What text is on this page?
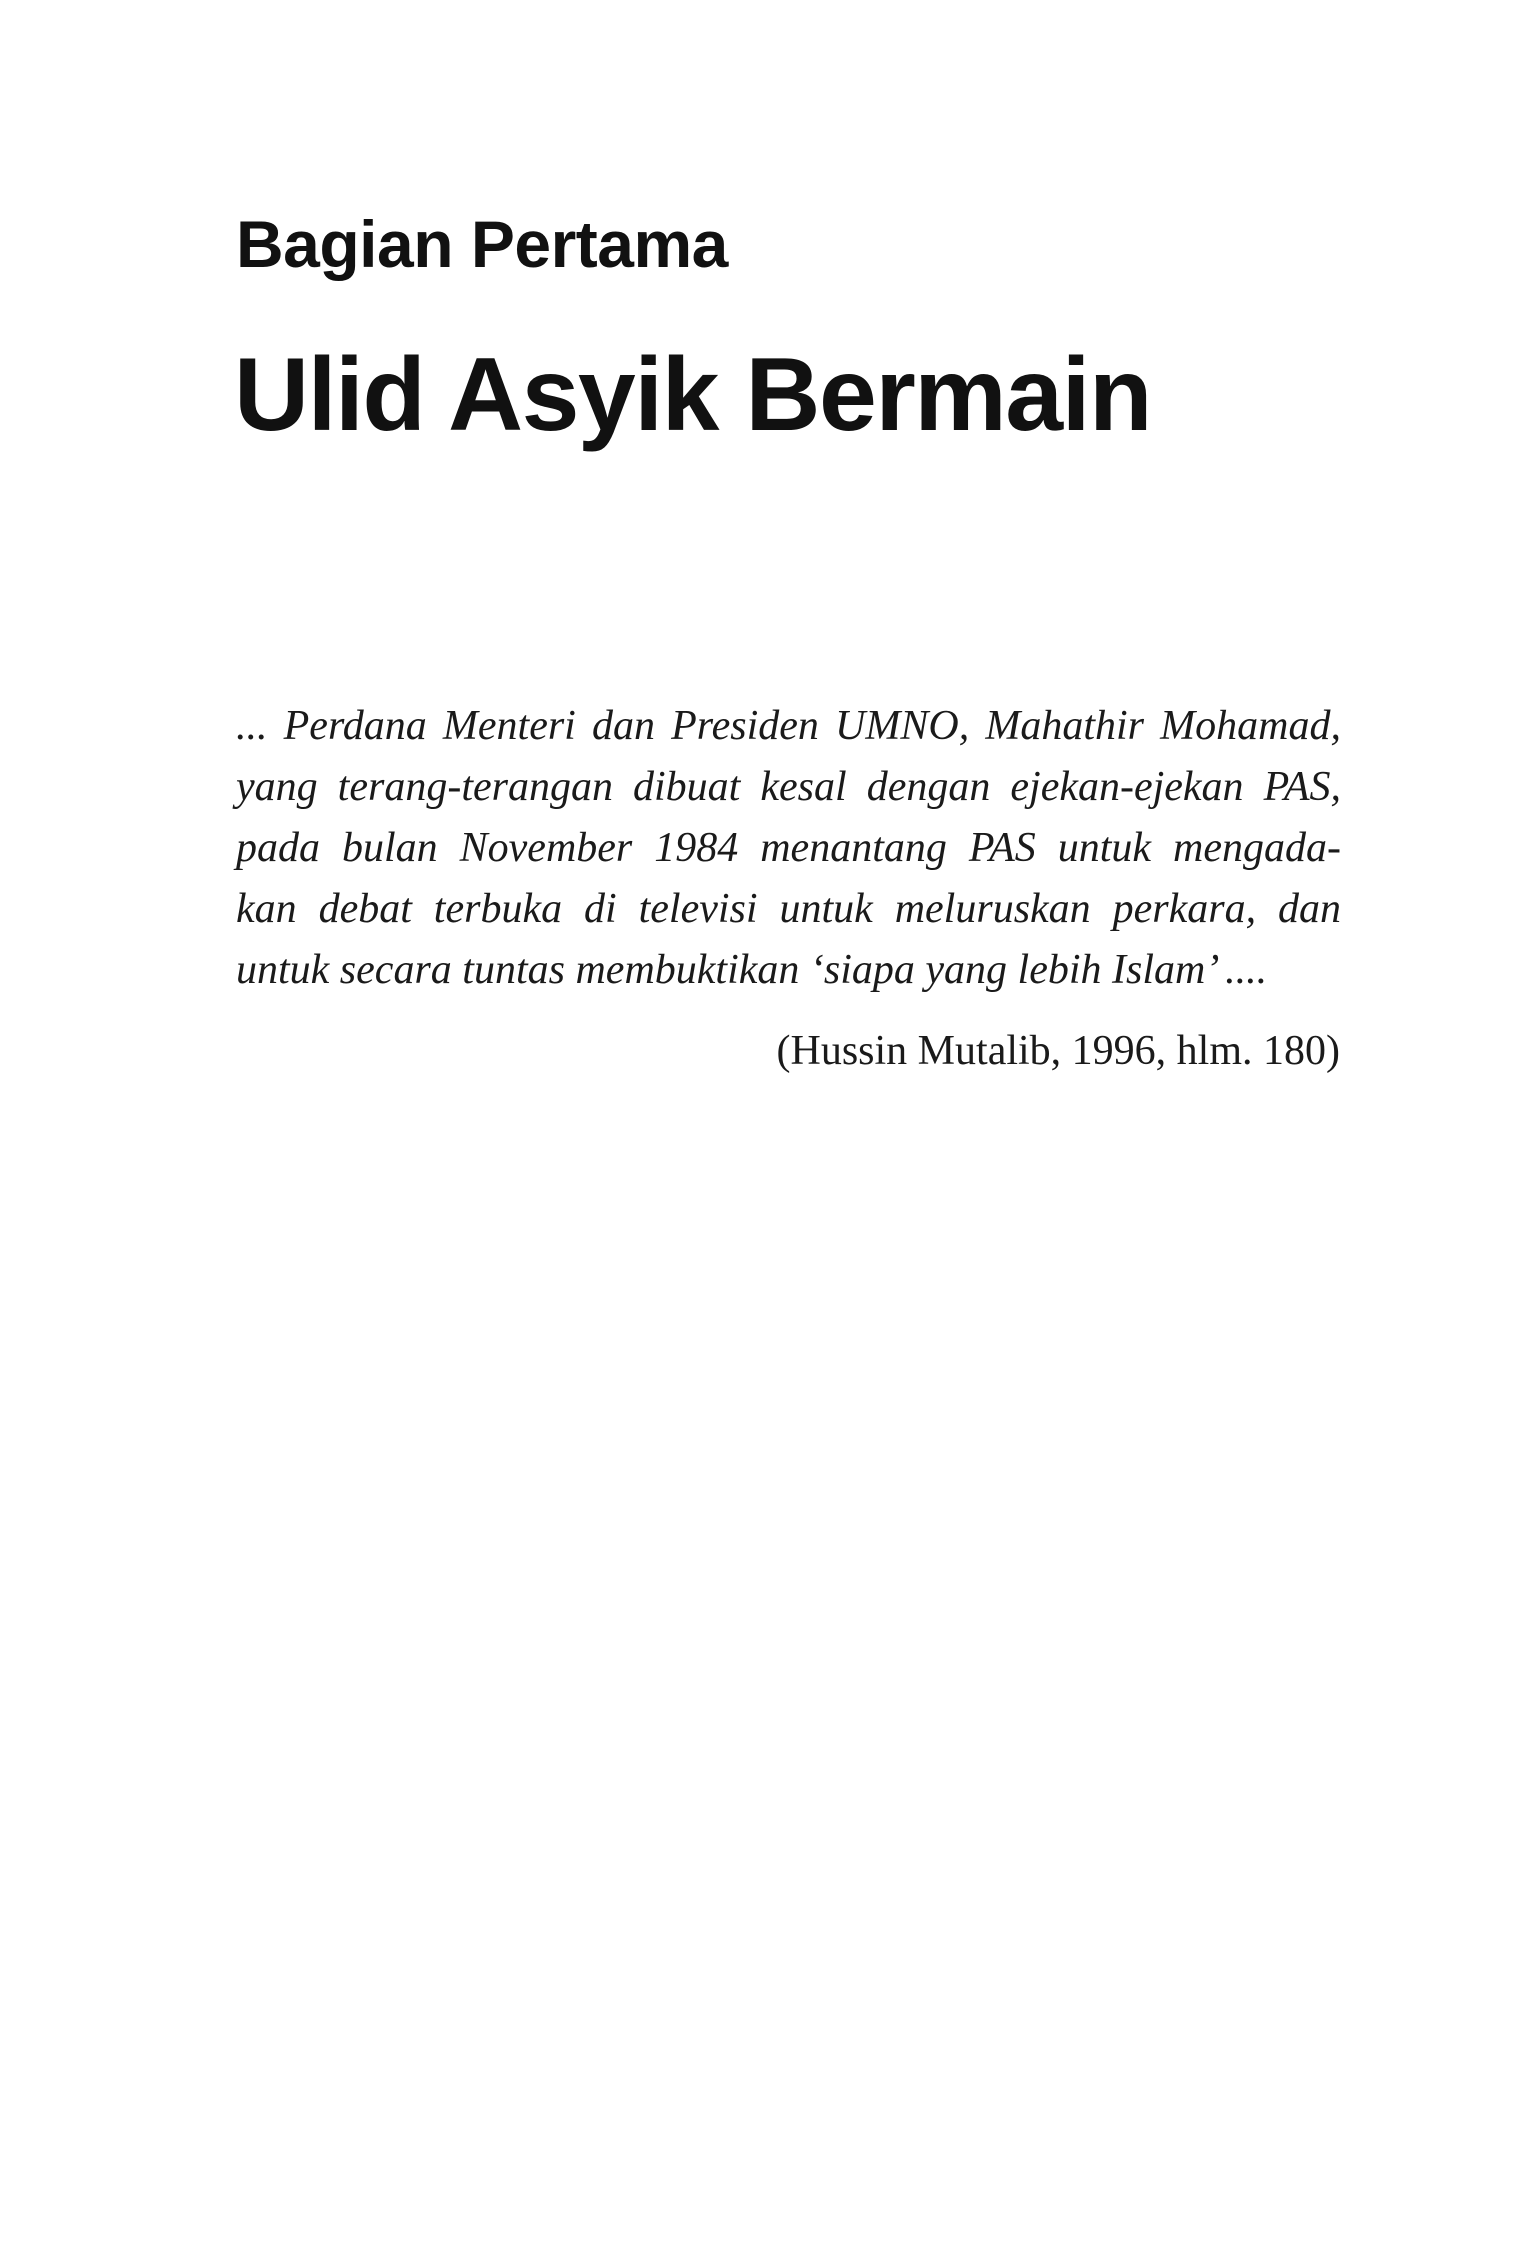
Bagian Pertama
Ulid Asyik Bermain
... Perdana Menteri dan Presiden UMNO, Mahathir Mohamad,
yang terang-terangan dibuat kesal dengan ejekan-ejekan PAS,
pada bulan November 1984 menantang PAS untuk mengada-
kan debat terbuka di televisi untuk meluruskan perkara, dan
untuk secara tuntas membuktikan ‘siapa yang lebih Islam’ ....

(Hussin Mutalib, 1996, hlm. 180)
